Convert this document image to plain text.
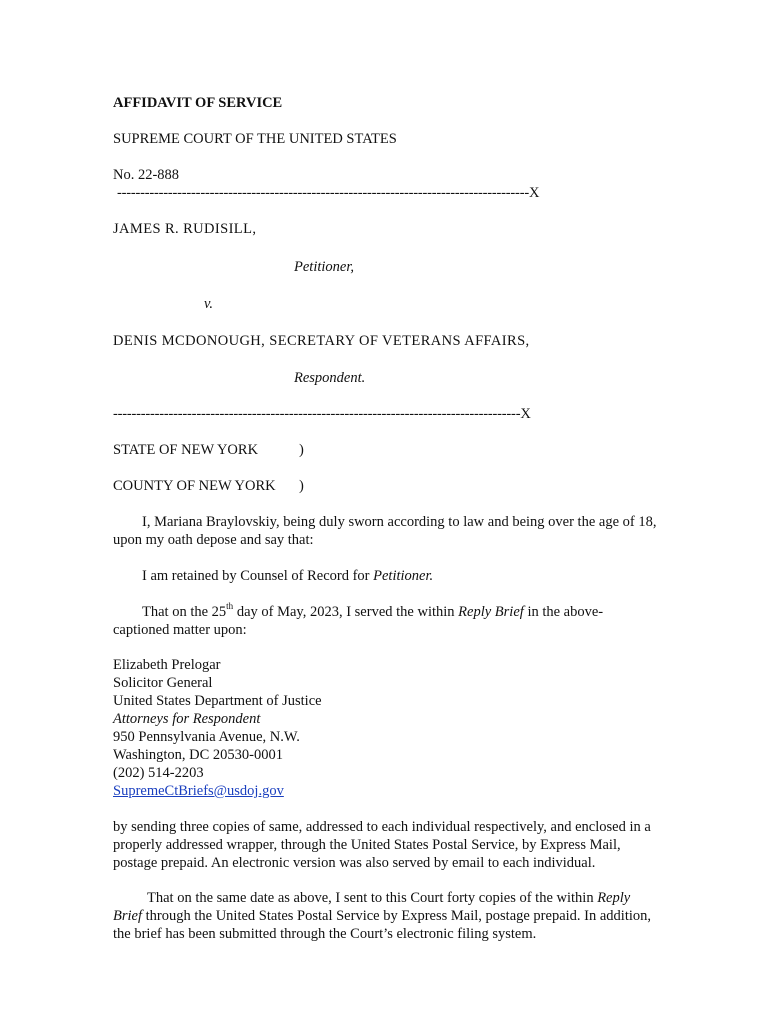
AFFIDAVIT OF SERVICE

SUPREME COURT OF THE UNITED STATES

No. 22-888

-----------------------------------------------------------------------------------------X

JAMES R. RUDISILL,

Petitioner,

v.

DENIS MCDONOUGH, SECRETARY OF VETERANS AFFAIRS,

Respondent.

----------------------------------------------------------------------------------------X

STATE OF NEW YORK	)

COUNTY OF NEW YORK )

I, Mariana Braylovskiy, being duly sworn according to law and being over the age of 18, upon my oath depose and say that:

I am retained by Counsel of Record for Petitioner.

That on the 25th day of May, 2023, I served the within Reply Brief in the above-captioned matter upon:

Elizabeth Prelogar
Solicitor General
United States Department of Justice
Attorneys for Respondent
950 Pennsylvania Avenue, N.W.
Washington, DC 20530-0001
(202) 514-2203
SupremeCtBriefs@usdoj.gov

by sending three copies of same, addressed to each individual respectively, and enclosed in a properly addressed wrapper, through the United States Postal Service, by Express Mail, postage prepaid. An electronic version was also served by email to each individual.

That on the same date as above, I sent to this Court forty copies of the within Reply Brief through the United States Postal Service by Express Mail, postage prepaid. In addition, the brief has been submitted through the Court’s electronic filing system.
